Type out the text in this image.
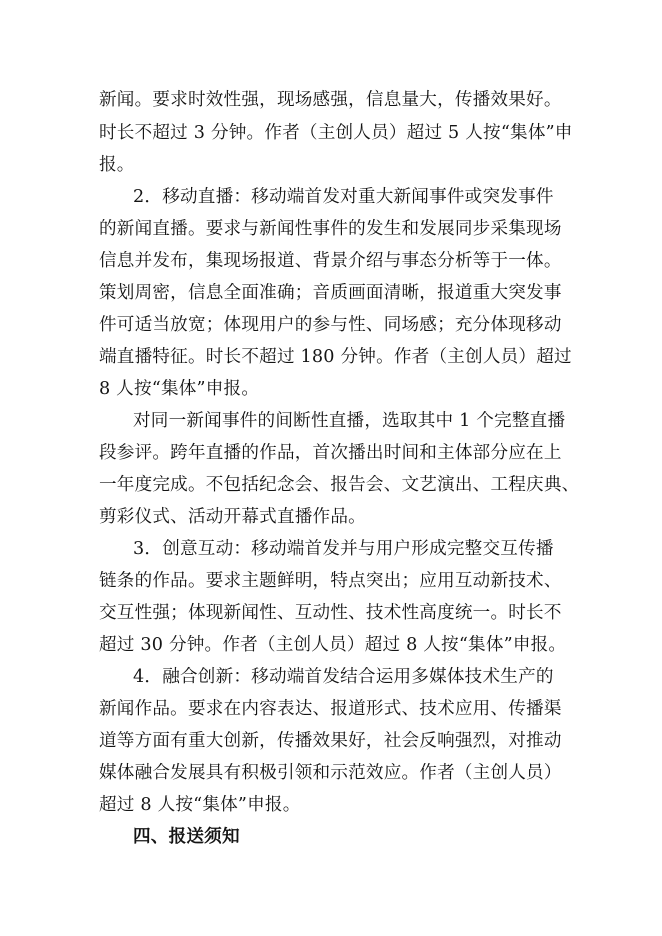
新闻。要求时效性强，现场感强，信息量大，传播效果好。
时长不超过 3 分钟。作者（主创人员）超过 5 人按“集体”申
报。
2．移动直播：移动端首发对重大新闻事件或突发事件
的新闻直播。要求与新闻性事件的发生和发展同步采集现场
信息并发布，集现场报道、背景介绍与事态分析等于一体。
策划周密，信息全面准确；音质画面清晰，报道重大突发事
件可适当放宽；体现用户的参与性、同场感；充分体现移动
端直播特征。时长不超过 180 分钟。作者（主创人员）超过
8 人按“集体”申报。
对同一新闻事件的间断性直播，选取其中 1 个完整直播
段参评。跨年直播的作品，首次播出时间和主体部分应在上
一年度完成。不包括纪念会、报告会、文艺演出、工程庆典、
剪彩仪式、活动开幕式直播作品。
3．创意互动：移动端首发并与用户形成完整交互传播
链条的作品。要求主题鲜明，特点突出；应用互动新技术、
交互性强；体现新闻性、互动性、技术性高度统一。时长不
超过 30 分钟。作者（主创人员）超过 8 人按“集体”申报。
4．融合创新：移动端首发结合运用多媒体技术生产的
新闻作品。要求在内容表达、报道形式、技术应用、传播渠
道等方面有重大创新，传播效果好，社会反响强烈，对推动
媒体融合发展具有积极引领和示范效应。作者（主创人员）
超过 8 人按“集体”申报。
四、报送须知
